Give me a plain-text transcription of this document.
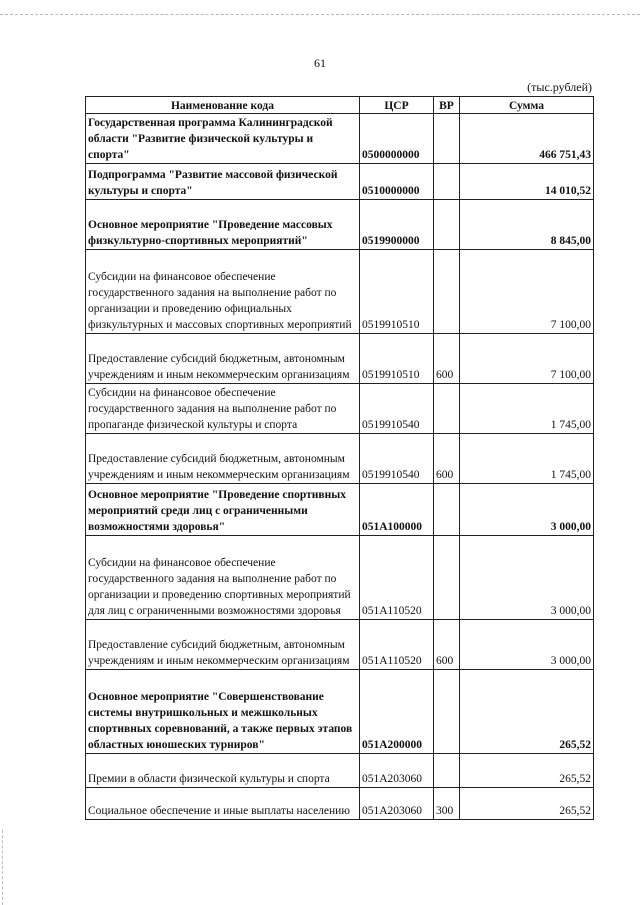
61
(тыс.рублей)
Наименование кода	ЦСР	ВР	Сумма
Государственная программа Калининградской области "Развитие физической культуры и спорта"	0500000000		466 751,43
Подпрограмма "Развитие массовой физической культуры и спорта"	0510000000		14 010,52
Основное мероприятие "Проведение массовых физкультурно-спортивных мероприятий"	0519900000		8 845,00
Субсидии на финансовое обеспечение государственного задания на выполнение работ по организации и проведению официальных физкультурных и массовых спортивных мероприятий	0519910510		7 100,00
Предоставление субсидий бюджетным, автономным учреждениям и иным некоммерческим организациям	0519910510	600	7 100,00
Субсидии на финансовое обеспечение государственного задания на выполнение работ по пропаганде физической культуры и спорта	0519910540		1 745,00
Предоставление субсидий бюджетным, автономным учреждениям и иным некоммерческим организациям	0519910540	600	1 745,00
Основное мероприятие "Проведение спортивных мероприятий среди лиц с ограниченными возможностями здоровья"	051A100000		3 000,00
Субсидии на финансовое обеспечение государственного задания на выполнение работ по организации и проведению спортивных мероприятий для лиц с ограниченными возможностями здоровья	051A110520		3 000,00
Предоставление субсидий бюджетным, автономным учреждениям и иным некоммерческим организациям	051A110520	600	3 000,00
Основное мероприятие "Совершенствование системы внутришкольных и межшкольных спортивных соревнований, а также первых этапов областных юношеских турниров"	051A200000		265,52
Премии в области физической культуры и спорта	051A203060		265,52
Социальное обеспечение и иные выплаты населению	051A203060	300	265,52
